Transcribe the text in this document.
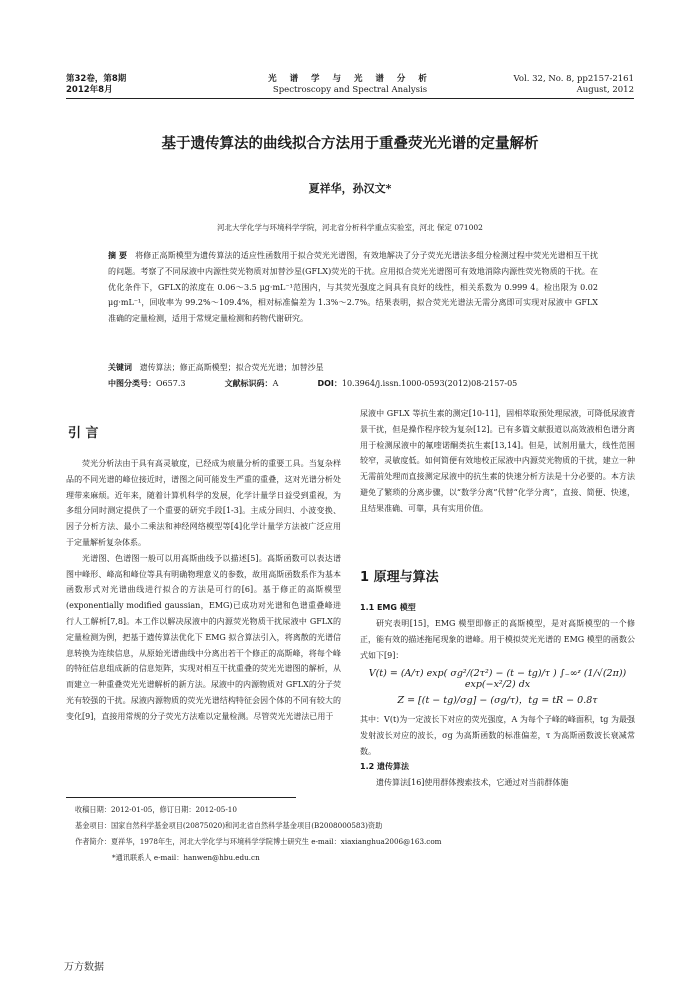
第32卷，第8期
2012年8月
光 谱 学 与 光 谱 分 析
Spectroscopy and Spectral Analysis
Vol. 32, No. 8, pp2157-2161
August, 2012
基于遗传算法的曲线拟合方法用于重叠荧光光谱的定量解析
夏祥华，孙汉文*
河北大学化学与环境科学学院，河北省分析科学重点实验室，河北 保定 071002
摘 要 将修正高斯模型为遗传算法的适应性函数用于拟合荧光光谱图，有效地解决了分子荧光光谱法多组分检测过程中荧光光谱相互干扰的问题。考察了不同尿液中内源性荧光物质对加替沙星(GFLX)荧光的干扰。应用拟合荧光光谱图可有效地消除内源性荧光物质的干扰。在优化条件下，GFLX的浓度在 0.06～3.5 μg·mL⁻¹范围内，与其荧光强度之间具有良好的线性，相关系数为 0.999 4。检出限为 0.02 μg·mL⁻¹，回收率为 99.2%～109.4%，相对标准偏差为 1.3%～2.7%。结果表明，拟合荧光光谱法无需分离即可实现对尿液中 GFLX 准确的定量检测，适用于常规定量检测和药物代谢研究。
关键词 遗传算法；修正高斯模型；拟合荧光光谱；加替沙星
中图分类号：O657.3	文献标识码：A	DOI：10.3964/j.issn.1000-0593(2012)08-2157-05
引 言

荧光分析法由于具有高灵敏度，已经成为痕量分析的重要工具。当复杂样品的不同光谱的峰位接近时，谱图之间可能发生严重的重叠，这对光谱分析处理带来麻烦。近年来，随着计算机科学的发展，化学计量学日益受到重视，为多组分同时测定提供了一个重要的研究手段[1-3]。主成分回归、小波变换、因子分析方法、最小二乘法和神经网络模型等[4]化学计量学方法被广泛应用于定量解析复杂体系。

光谱图、色谱图一般可以用高斯曲线予以描述[5]。高斯函数可以表达谱图中峰形、峰高和峰位等具有明确物理意义的参数，故用高斯函数系作为基本函数形式对光谱曲线进行拟合的方法是可行的[6]。基于修正的高斯模型(exponentially modified gaussian，EMG)已成功对光谱和色谱重叠峰进行人工解析[7,8]。本工作以解决尿液中的内源荧光物质干扰尿液中 GFLX的定量检测为例，把基于遗传算法优化下 EMG 拟合算法引入，将离散的光谱信息转换为连续信息，从原始光谱曲线中分离出若干个修正的高斯峰，将每个峰的特征信息组成新的信息矩阵，实现对相互干扰重叠的荧光光谱图的解析，从而建立一种重叠荧光光谱解析的新方法。尿液中的内源物质对 GFLX的分子荧光有较强的干扰。尿液内源物质的荧光光谱结构特征会因个体的不同有较大的变化[9]，直接用常规的分子荧光方法难以定量检测。尽管荧光光谱法已用于

尿液中 GFLX 等抗生素的测定[10-11]，固相萃取预处理尿液，可降低尿液背景干扰，但是操作程序较为复杂[12]。已有多篇文献报道以高效液相色谱分离用于检测尿液中的氟喹诺酮类抗生素[13,14]。但是，试剂用量大，线性范围较窄，灵敏度低。如何简便有效地校正尿液中内源荧光物质的干扰，建立一种无需前处理而直接测定尿液中的抗生素的快速分析方法是十分必要的。本方法避免了繁琐的分离步骤，以“数学分离”代替“化学分离”，直接、简便、快速，且结果准确、可靠，具有实用价值。

1 原理与算法
1.1 EMG 模型

研究表明[15]，EMG 模型即修正的高斯模型，是对高斯模型的一个修正，能有效的描述拖尾现象的谱峰。用于模拟荧光光谱的 EMG 模型的函数公式如下[9]：

V(t) = (A/τ) exp( σg²/(2τ²) − (t − tg)/τ ) ∫₋∞ᶻ (1/√(2π)) exp(−x²/2) dx
Z = [(t − tg)/σg] − (σg/τ)，tg = tR − 0.8τ

其中：V(t)为一定波长下对应的荧光强度，A 为每个子峰的峰面积，tg 为最强发射波长对应的波长，σg 为高斯函数的标准偏差，τ 为高斯函数波长衰减常数。

1.2 遗传算法

遗传算法[16]使用群体搜索技术，它通过对当前群体施

收稿日期：2012-01-05，修订日期：2012-05-10
基金项目：国家自然科学基金项目(20875020)和河北省自然科学基金项目(B2008000583)资助
作者简介：夏祥华，1978年生，河北大学化学与环境科学学院博士研究生 e-mail：xiaxianghua2006@163.com
*通讯联系人 e-mail：hanwen@hbu.edu.cn
万方数据
